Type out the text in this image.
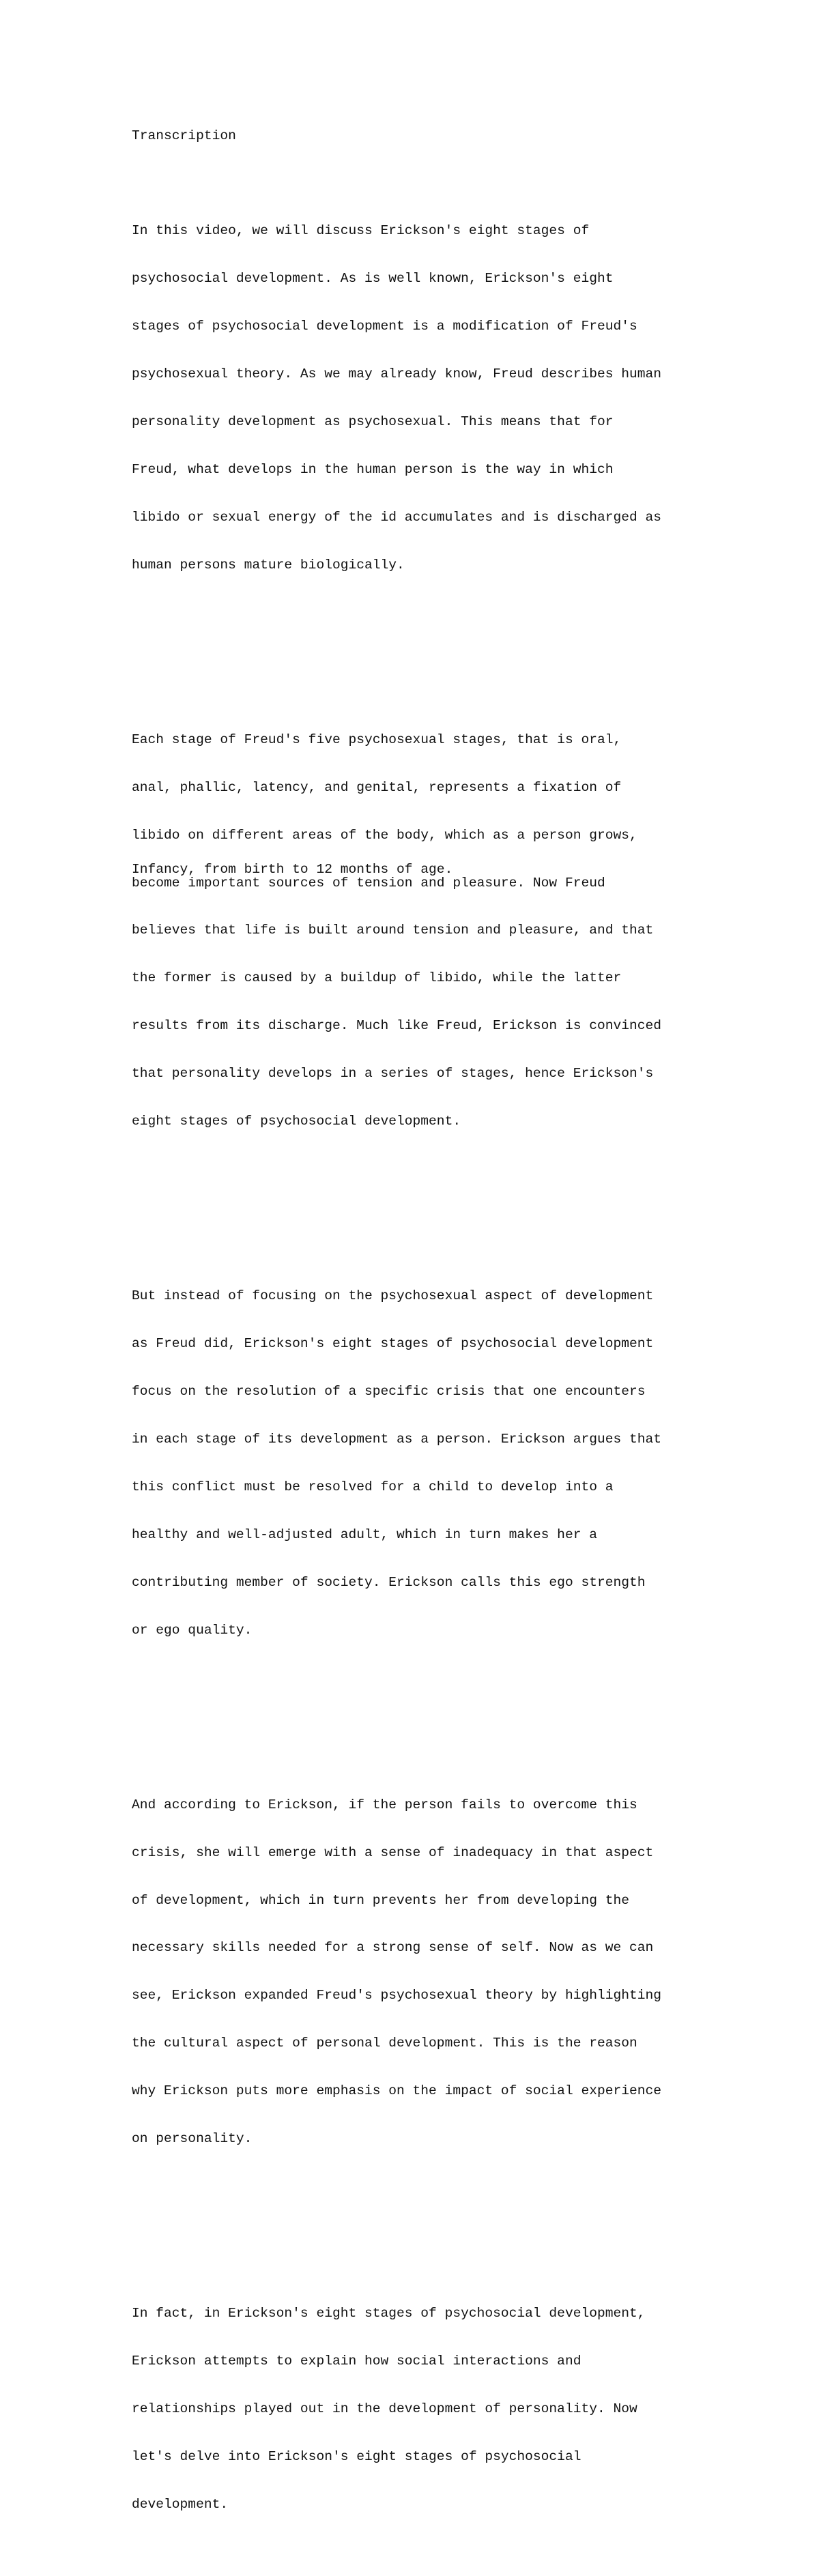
Transcription

In this video, we will discuss Erickson's eight stages of

psychosocial development. As is well known, Erickson's eight

stages of psychosocial development is a modification of Freud's

psychosexual theory. As we may already know, Freud describes human

personality development as psychosexual. This means that for

Freud, what develops in the human person is the way in which

libido or sexual energy of the id accumulates and is discharged as

human persons mature biologically.

Each stage of Freud's five psychosexual stages, that is oral,

anal, phallic, latency, and genital, represents a fixation of

libido on different areas of the body, which as a person grows,

become important sources of tension and pleasure. Now Freud

believes that life is built around tension and pleasure, and that

the former is caused by a buildup of libido, while the latter

results from its discharge. Much like Freud, Erickson is convinced

that personality develops in a series of stages, hence Erickson's

eight stages of psychosocial development.

But instead of focusing on the psychosexual aspect of development

as Freud did, Erickson's eight stages of psychosocial development

focus on the resolution of a specific crisis that one encounters

in each stage of its development as a person. Erickson argues that

this conflict must be resolved for a child to develop into a

healthy and well-adjusted adult, which in turn makes her a

contributing member of society. Erickson calls this ego strength

or ego quality.

And according to Erickson, if the person fails to overcome this

crisis, she will emerge with a sense of inadequacy in that aspect

of development, which in turn prevents her from developing the

necessary skills needed for a strong sense of self. Now as we can

see, Erickson expanded Freud's psychosexual theory by highlighting

the cultural aspect of personal development. This is the reason

why Erickson puts more emphasis on the impact of social experience

on personality.

In fact, in Erickson's eight stages of psychosocial development,

Erickson attempts to explain how social interactions and

relationships played out in the development of personality. Now

let's delve into Erickson's eight stages of psychosocial

development.

Infancy, from birth to 12 months of age.
